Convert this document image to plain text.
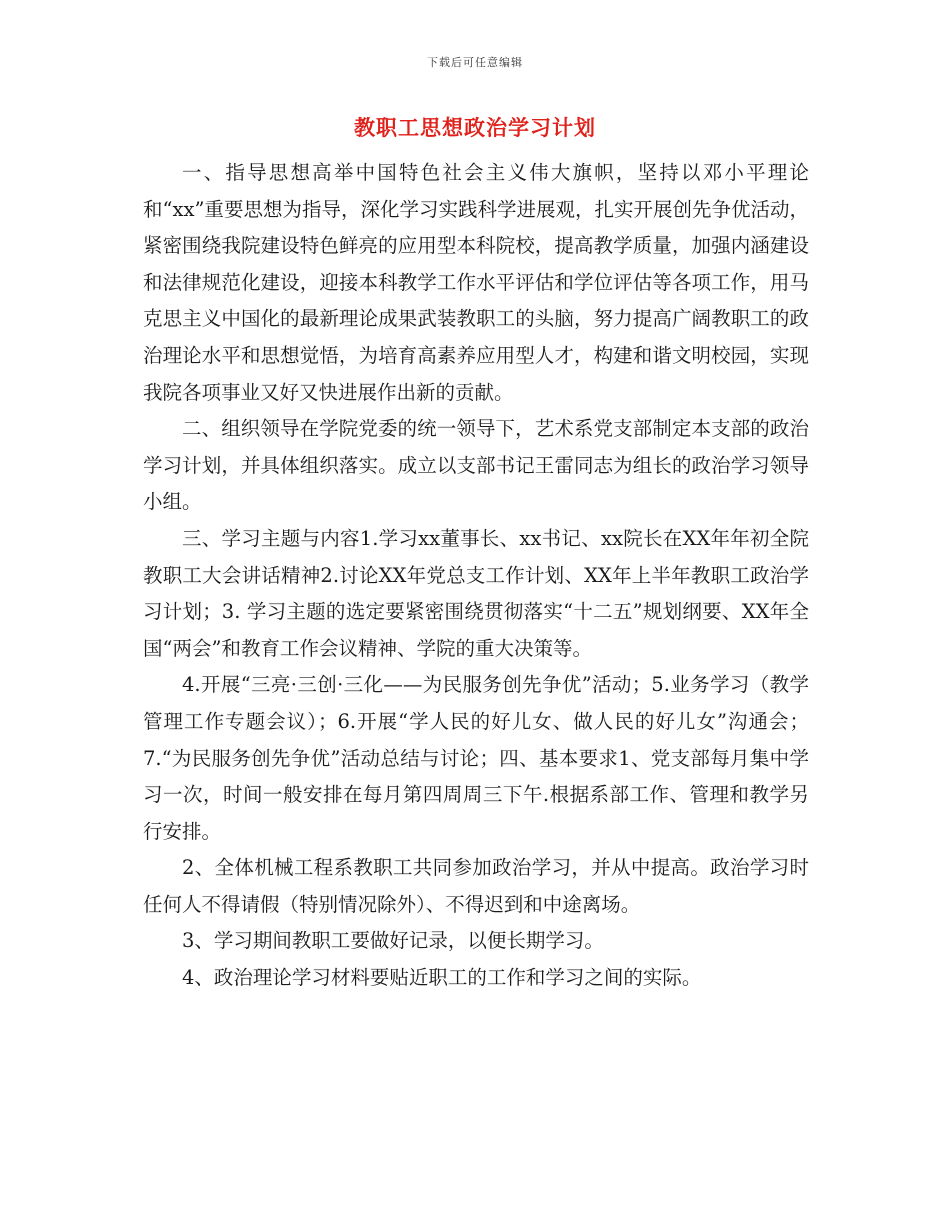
下载后可任意编辑
教职工思想政治学习计划

一、指导思想高举中国特色社会主义伟大旗帜，坚持以邓小平理论和“xx”重要思想为指导，深化学习实践科学进展观，扎实开展创先争优活动，紧密围绕我院建设特色鲜亮的应用型本科院校，提高教学质量，加强内涵建设和法律规范化建设，迎接本科教学工作水平评估和学位评估等各项工作，用马克思主义中国化的最新理论成果武装教职工的头脑，努力提高广阔教职工的政治理论水平和思想觉悟，为培育高素养应用型人才，构建和谐文明校园，实现我院各项事业又好又快进展作出新的贡献。

二、组织领导在学院党委的统一领导下，艺术系党支部制定本支部的政治学习计划，并具体组织落实。成立以支部书记王雷同志为组长的政治学习领导小组。

三、学习主题与内容1.学习xx董事长、xx书记、xx院长在XX年年初全院教职工大会讲话精神2.讨论XX年党总支工作计划、XX年上半年教职工政治学习计划；3. 学习主题的选定要紧密围绕贯彻落实“十二五”规划纲要、XX年全国“两会”和教育工作会议精神、学院的重大决策等。

4.开展“三亮·三创·三化——为民服务创先争优”活动；5.业务学习（教学管理工作专题会议）；6.开展“学人民的好儿女、做人民的好儿女”沟通会；7.“为民服务创先争优”活动总结与讨论；四、基本要求1、党支部每月集中学习一次，时间一般安排在每月第四周周三下午.根据系部工作、管理和教学另行安排。

2、全体机械工程系教职工共同参加政治学习，并从中提高。政治学习时任何人不得请假（特别情况除外）、不得迟到和中途离场。

3、学习期间教职工要做好记录，以便长期学习。

4、政治理论学习材料要贴近职工的工作和学习之间的实际。
